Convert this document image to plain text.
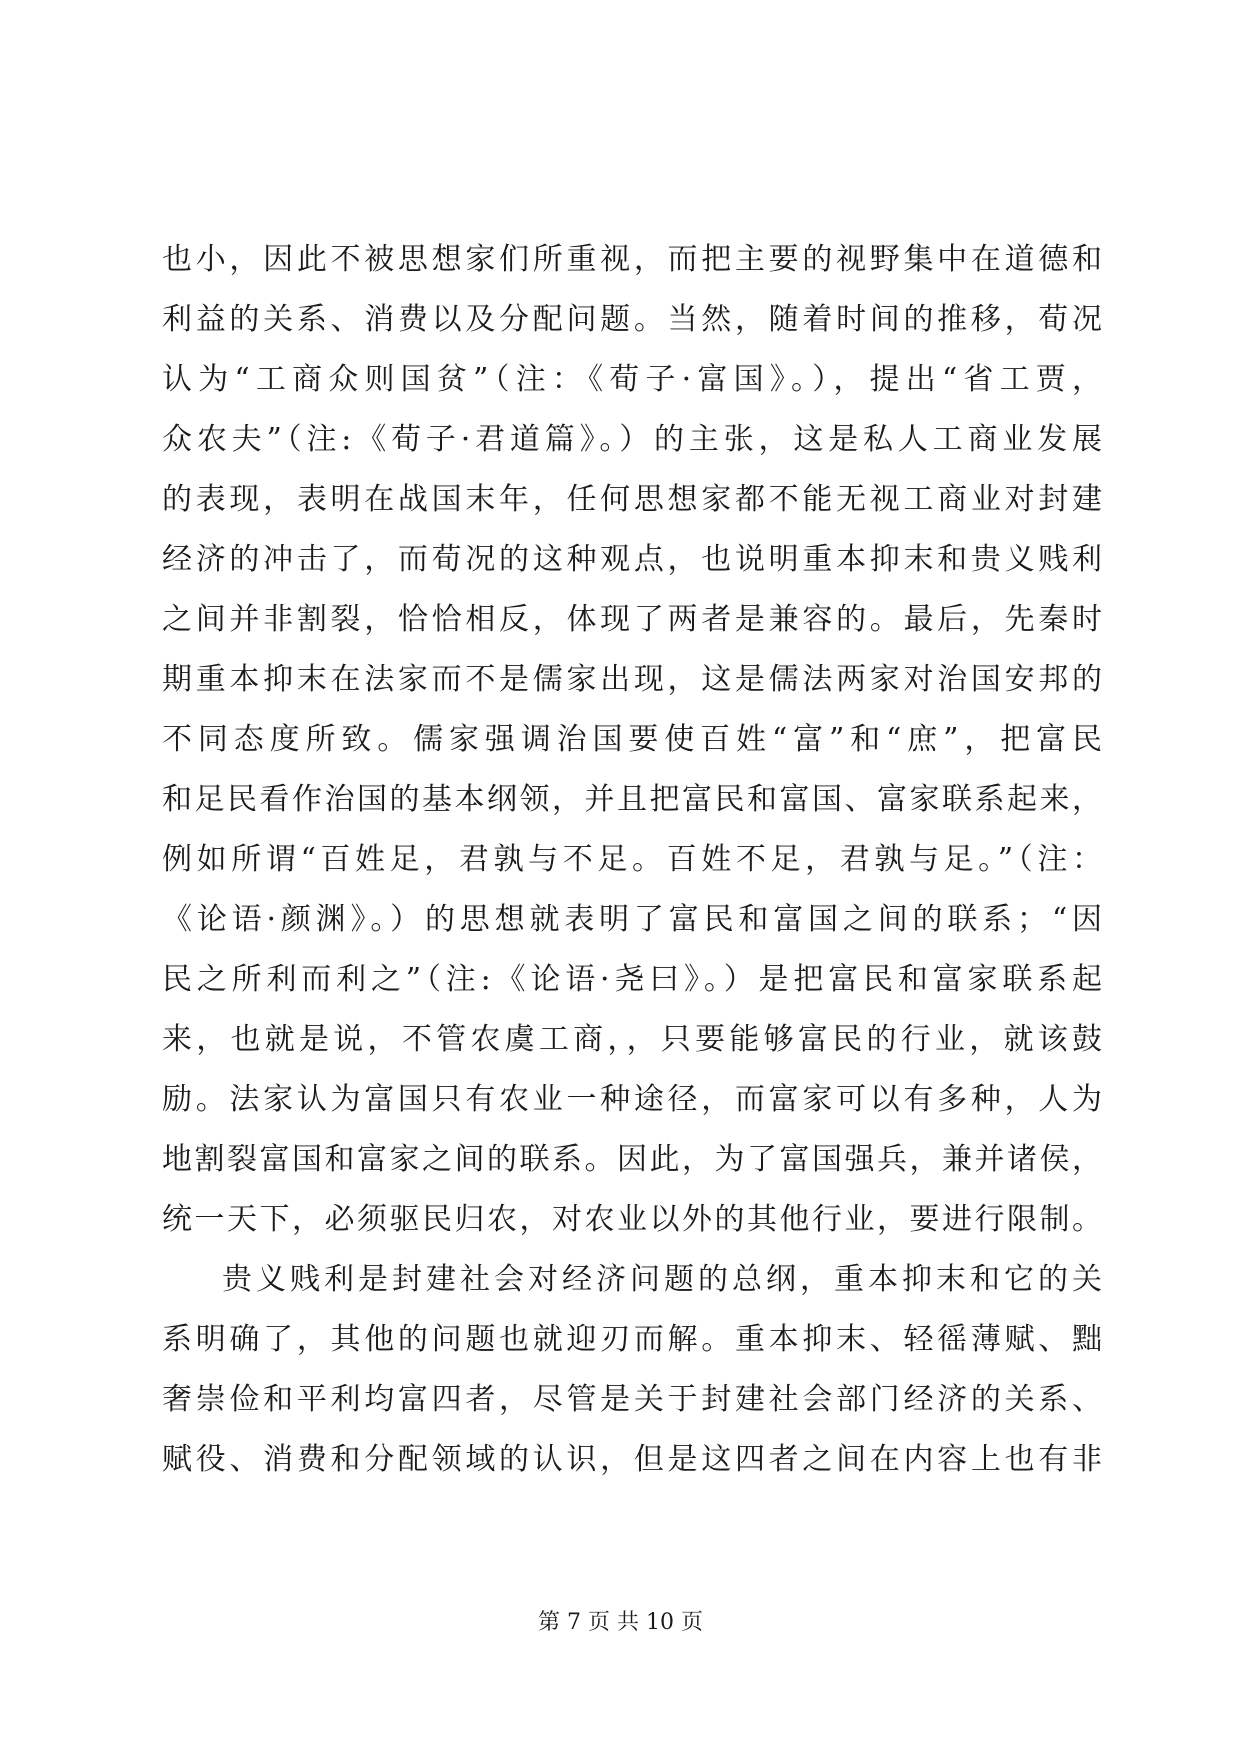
也小，因此不被思想家们所重视，而把主要的视野集中在道德和
利益的关系、消费以及分配问题。当然，随着时间的推移，荀况
认为“工商众则国贫”（注：《荀子·富国》。），提出“省工贾，
众农夫”（注:《荀子·君道篇》。）的主张，这是私人工商业发展
的表现，表明在战国末年，任何思想家都不能无视工商业对封建
经济的冲击了，而荀况的这种观点，也说明重本抑末和贵义贱利
之间并非割裂，恰恰相反，体现了两者是兼容的。最后，先秦时
期重本抑末在法家而不是儒家出现，这是儒法两家对治国安邦的
不同态度所致。儒家强调治国要使百姓“富”和“庶”，把富民
和足民看作治国的基本纲领，并且把富民和富国、富家联系起来，
例如所谓“百姓足，君孰与不足。百姓不足，君孰与足。”（注：
《论语·颜渊》。）的思想就表明了富民和富国之间的联系；“因
民之所利而利之”（注:《论语·尧曰》。）是把富民和富家联系起
来，也就是说，不管农虞工商，，只要能够富民的行业，就该鼓
励。法家认为富国只有农业一种途径，而富家可以有多种，人为
地割裂富国和富家之间的联系。因此，为了富国强兵，兼并诸侯，
统一天下，必须驱民归农，对农业以外的其他行业，要进行限制。
贵义贱利是封建社会对经济问题的总纲，重本抑末和它的关
系明确了，其他的问题也就迎刃而解。重本抑末、轻徭薄赋、黜
奢崇俭和平利均富四者，尽管是关于封建社会部门经济的关系、
赋役、消费和分配领域的认识，但是这四者之间在内容上也有非
第 7 页 共 10 页
